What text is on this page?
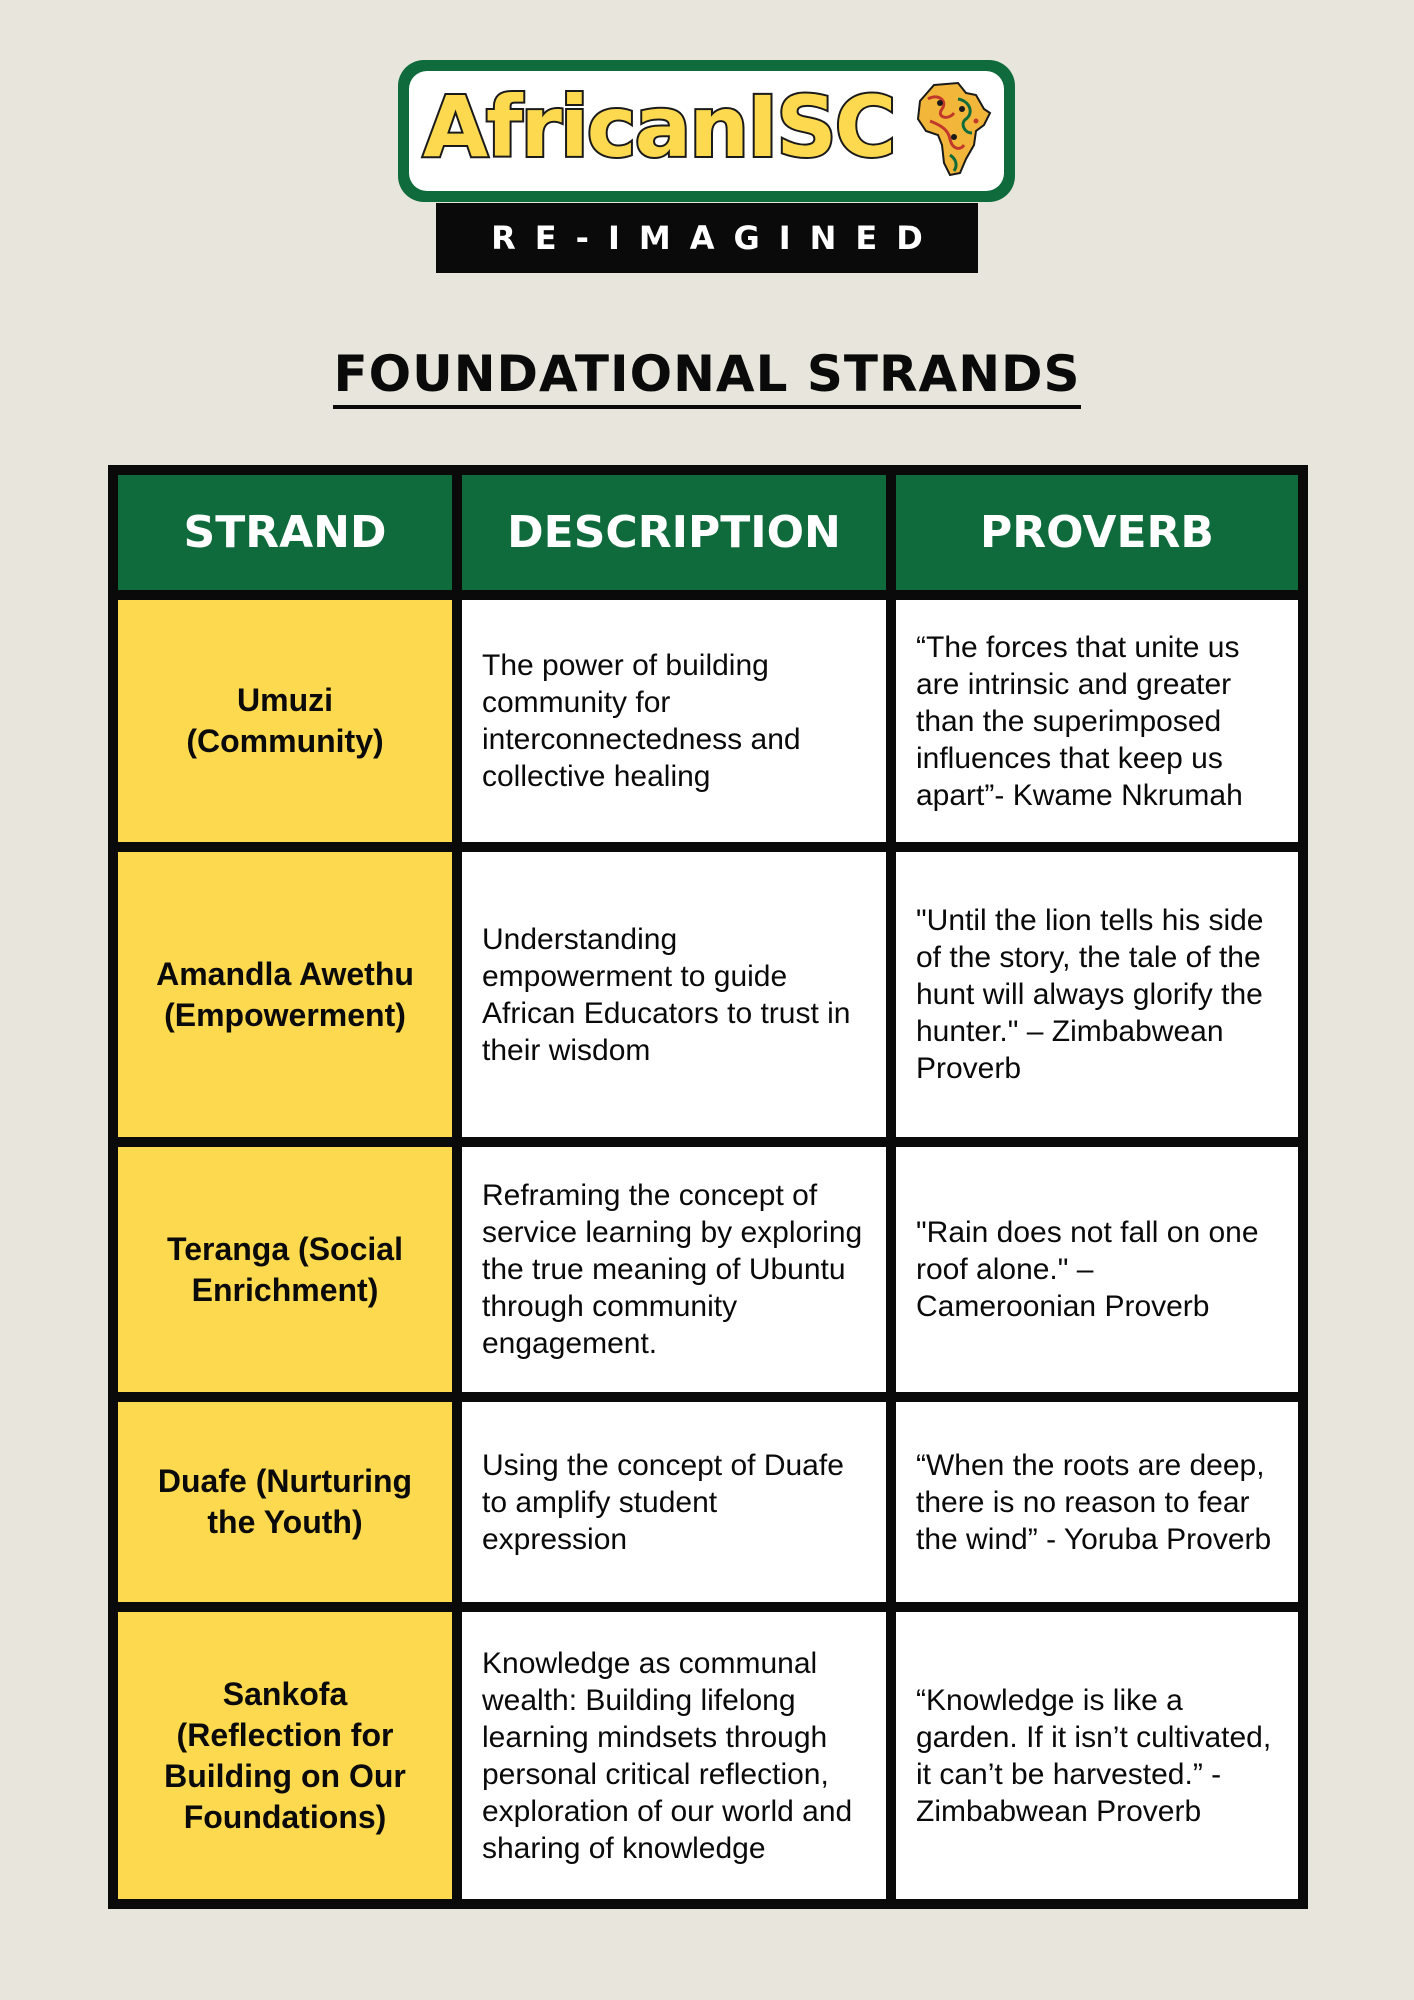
AfricanISC
RE-IMAGINED
FOUNDATIONAL STRANDS
STRAND	DESCRIPTION	PROVERB
Umuzi (Community)
The power of building community for interconnectedness and collective healing
“The forces that unite us are intrinsic and greater than the superimposed influences that keep us apart”- Kwame Nkrumah
Amandla Awethu (Empowerment)
Understanding empowerment to guide African Educators to trust in their wisdom
"Until the lion tells his side of the story, the tale of the hunt will always glorify the hunter." – Zimbabwean Proverb
Teranga (Social Enrichment)
Reframing the concept of service learning by exploring the true meaning of Ubuntu through community engagement.
"Rain does not fall on one roof alone." – Cameroonian Proverb
Duafe (Nurturing the Youth)
Using the concept of Duafe to amplify student expression
“When the roots are deep, there is no reason to fear the wind” - Yoruba Proverb
Sankofa (Reflection for Building on Our Foundations)
Knowledge as communal wealth: Building lifelong learning mindsets through personal critical reflection, exploration of our world and sharing of knowledge
“Knowledge is like a garden. If it isn’t cultivated, it can’t be harvested.” - Zimbabwean Proverb
